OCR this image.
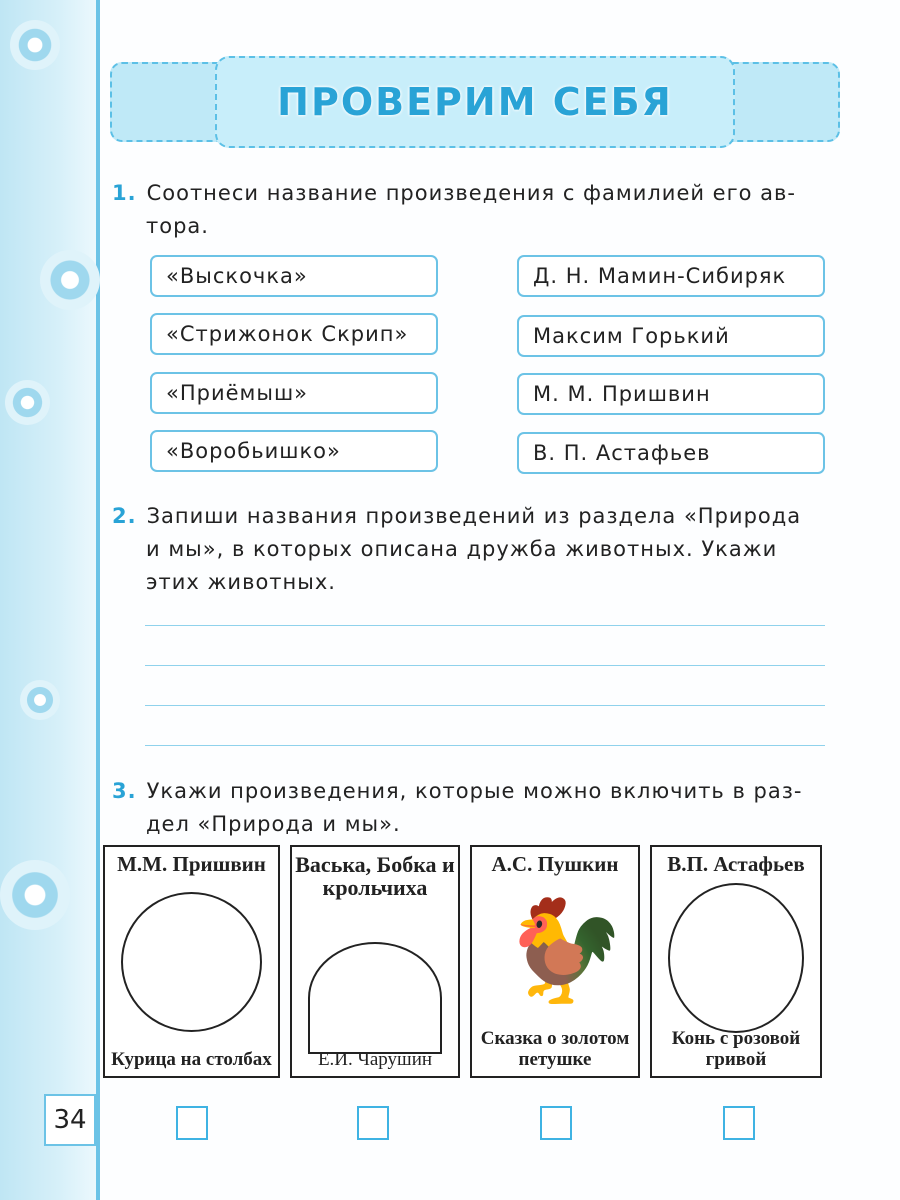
34
ПРОВЕРИМ СЕБЯ
1. Соотнеси название произведения с фамилией его ав-
тора.
«Выскочка»
«Стрижонок Скрип»
«Приёмыш»
«Воробьишко»
Д. Н. Мамин-Сибиряк
Максим Горький
М. М. Пришвин
В. П. Астафьев
2. Запиши названия произведений из раздела «Природа
и мы», в которых описана дружба животных. Укажи
этих животных.
3. Укажи произведения, которые можно включить в раз-
дел «Природа и мы».
М.М. Пришвин
Курица на столбах
Васька, Бобка и крольчиха
Е.И. Чарушин
А.С. Пушкин
🐓
Сказка о золотом петушке
В.П. Астафьев
Конь с розовой гривой
